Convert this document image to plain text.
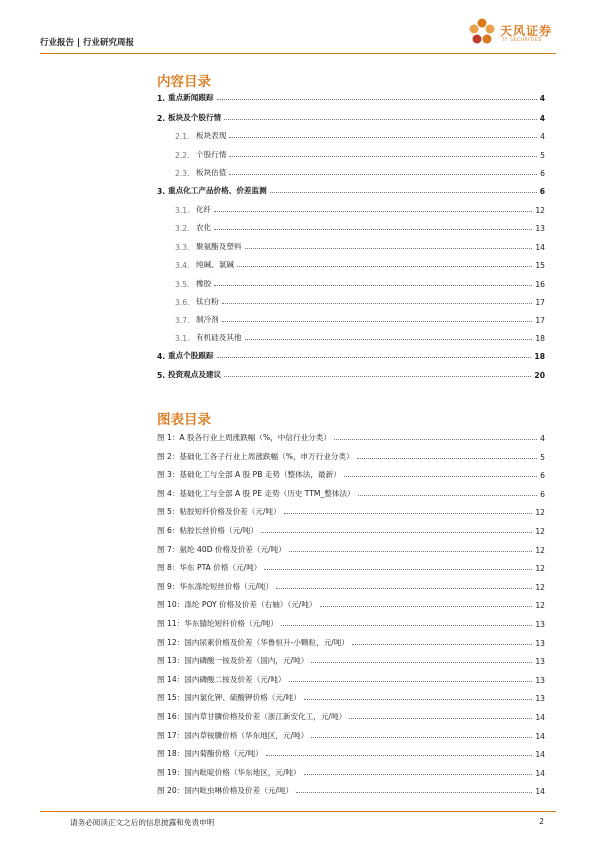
行业报告 | 行业研究周报
天风证券
TF SECURITIES
内容目录
1. 重点新闻跟踪	4
2. 板块及个股行情	4
2.1. 板块表现	4
2.2. 个股行情	5
2.3. 板块估值	6
3. 重点化工产品价格、价差监测	6
3.1. 化纤	12
3.2. 农化	13
3.3. 聚氨酯及塑料	14
3.4. 纯碱、氯碱	15
3.5. 橡胶	16
3.6. 钛白粉	17
3.7. 制冷剂	17
3.1. 有机硅及其他	18
4. 重点个股跟踪	18
5. 投资观点及建议	20
图表目录
图 1：A 股各行业上周涨跌幅（%，中信行业分类）	4
图 2：基础化工各子行业上周涨跌幅（%，申万行业分类）	5
图 3：基础化工与全部 A 股 PB 走势（整体法，最新）	6
图 4：基础化工与全部 A 股 PE 走势（历史 TTM_整体法）	6
图 5：粘胶短纤价格及价差（元/吨）	12
图 6：粘胶长丝价格（元/吨）	12
图 7：氨纶 40D 价格及价差（元/吨）	12
图 8：华东 PTA 价格（元/吨）	12
图 9：华东涤纶短丝价格（元/吨）	12
图 10：涤纶 POY 价格及价差（右轴）（元/吨）	12
图 11：华东腈纶短纤价格（元/吨）	13
图 12：国内尿素价格及价差（华鲁恒升-小颗粒，元/吨）	13
图 13：国内磷酸一铵及价差（国内，元/吨）	13
图 14：国内磷酸二铵及价差（元/吨）	13
图 15：国内氯化钾、硫酸钾价格（元/吨）	13
图 16：国内草甘膦价格及价差（浙江新安化工，元/吨）	14
图 17：国内草铵膦价格（华东地区，元/吨）	14
图 18：国内菊酯价格（元/吨）	14
图 19：国内吡啶价格（华东地区，元/吨）	14
图 20：国内吡虫啉价格及价差（元/吨）	14
请务必阅读正文之后的信息披露和免责申明	2
